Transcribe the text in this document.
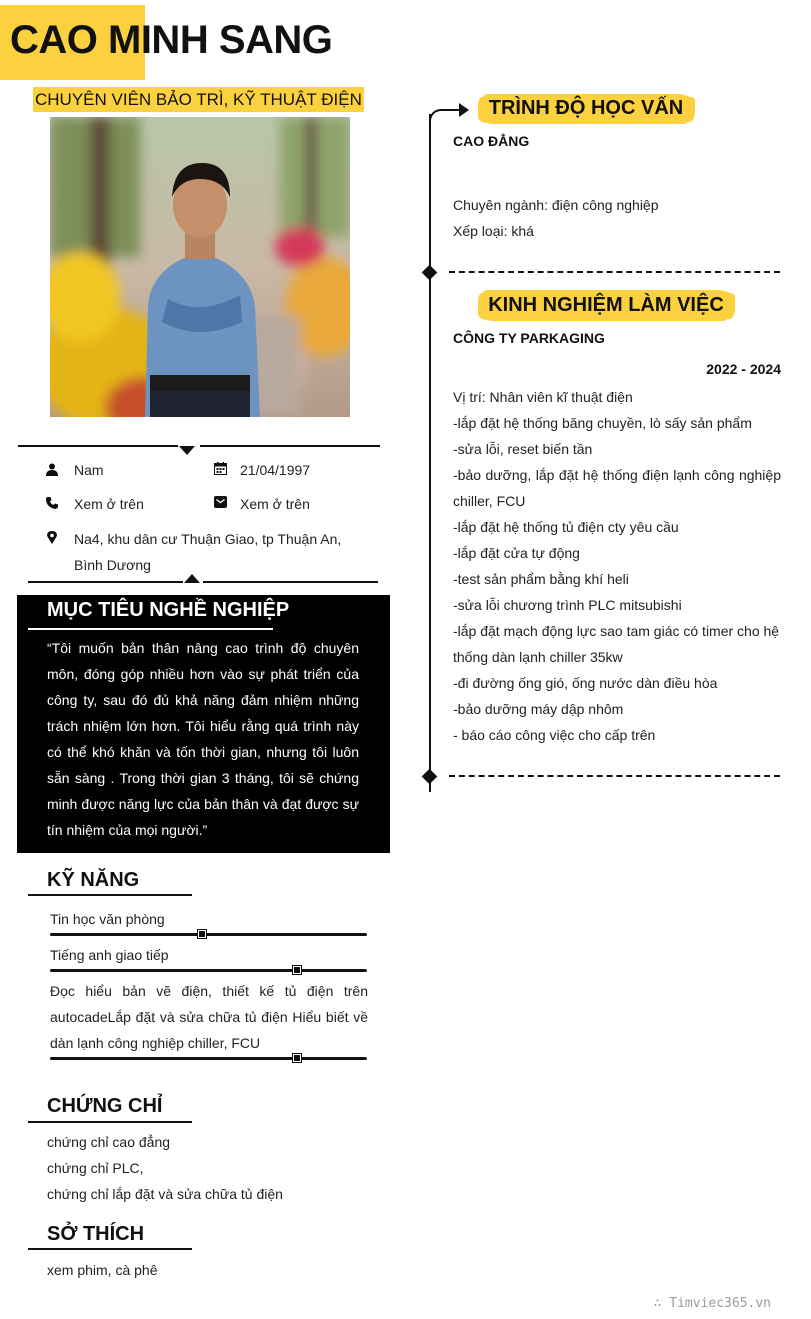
CAO MINH SANG
CHUYÊN VIÊN BẢO TRÌ, KỸ THUẬT ĐIỆN
Nam	21/04/1997
Xem ở trên	Xem ở trên
Na4, khu dân cư Thuận Giao, tp Thuận An, Bình Dương
MỤC TIÊU NGHỀ NGHIỆP
“Tôi muốn bản thân nâng cao trình độ chuyên môn, đóng góp nhiều hơn vào sự phát triển của công ty, sau đó đủ khả năng đảm nhiệm những trách nhiệm lớn hơn. Tôi hiểu rằng quá trình này có thể khó khăn và tốn thời gian, nhưng tôi luôn sẵn sàng . Trong thời gian 3 tháng, tôi sẽ chứng minh được năng lực của bản thân và đạt được sự tín nhiệm của mọi người.”
KỸ NĂNG
Tin học văn phòng
Tiếng anh giao tiếp
Đọc hiểu bản vẽ điện, thiết kế tủ điện trên autocadeLắp đặt và sửa chữa tủ điện Hiểu biết về dàn lạnh công nghiệp chiller, FCU
CHỨNG CHỈ
chứng chỉ cao đẳng
chứng chỉ PLC,
chứng chỉ lắp đặt và sửa chữa tủ điện
SỞ THÍCH
xem phim, cà phê
TRÌNH ĐỘ HỌC VẤN
CAO ĐẲNG
Chuyên ngành: điện công nghiệp
Xếp loại: khá
KINH NGHIỆM LÀM VIỆC
CÔNG TY PARKAGING
2022 - 2024
Vị trí: Nhân viên kĩ thuật điện
-lắp đặt hệ thống băng chuyền, lò sấy sản phẩm
-sửa lỗi, reset biến tần
-bảo dưỡng, lắp đặt hệ thống điện lạnh công nghiệp chiller, FCU
-lắp đặt hệ thống tủ điện cty yêu cầu
-lắp đặt cửa tự động
-test sản phẩm bằng khí heli
-sửa lỗi chương trình PLC mitsubishi
-lắp đặt mạch động lực sao tam giác có timer cho hệ thống dàn lạnh chiller 35kw
-đi đường ống gió, ống nước dàn điều hòa
-bảo dưỡng máy dập nhôm
- báo cáo công việc cho cấp trên
∴ Timviec365.vn
